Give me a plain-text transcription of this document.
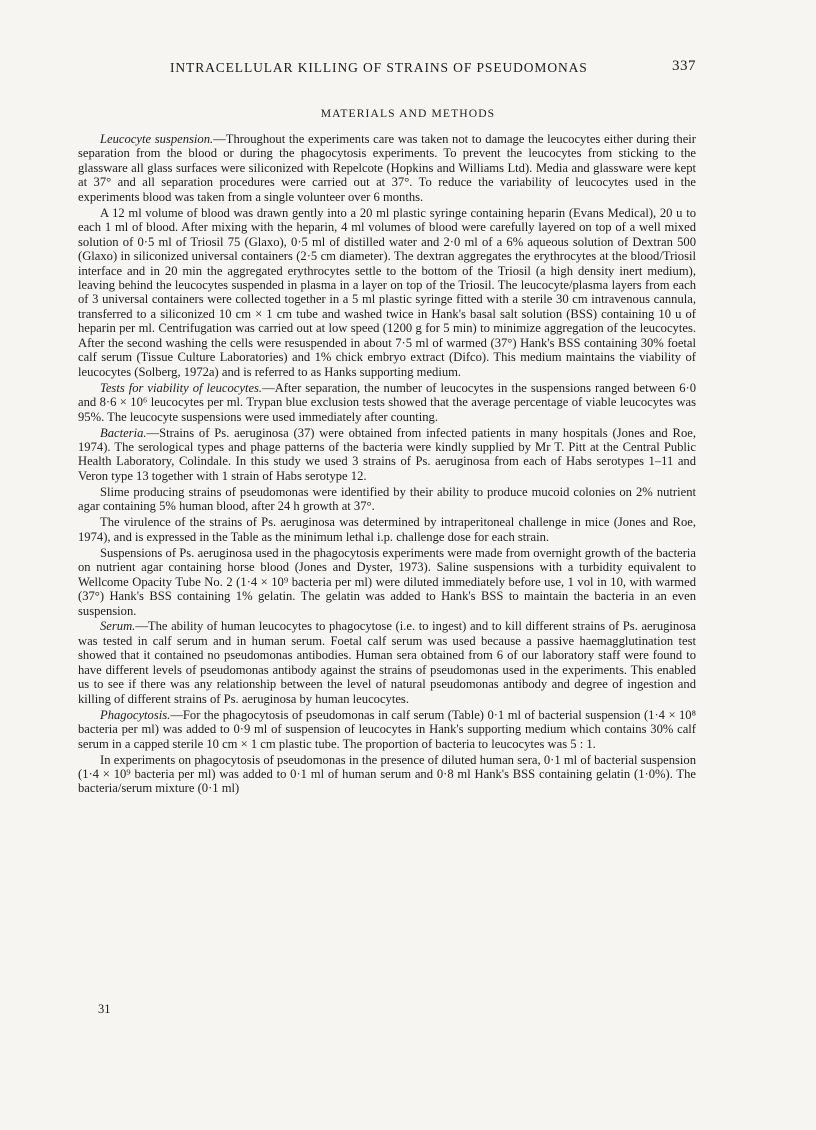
INTRACELLULAR KILLING OF STRAINS OF PSEUDOMONAS	337
MATERIALS AND METHODS

Leucocyte suspension.—Throughout the experiments care was taken not to damage the leucocytes either during their separation from the blood or during the phagocytosis experiments. To prevent the leucocytes from sticking to the glassware all glass surfaces were siliconized with Repelcote (Hopkins and Williams Ltd). Media and glassware were kept at 37° and all separation procedures were carried out at 37°. To reduce the variability of leucocytes used in the experiments blood was taken from a single volunteer over 6 months.

A 12 ml volume of blood was drawn gently into a 20 ml plastic syringe containing heparin (Evans Medical), 20 u to each 1 ml of blood. After mixing with the heparin, 4 ml volumes of blood were carefully layered on top of a well mixed solution of 0·5 ml of Triosil 75 (Glaxo), 0·5 ml of distilled water and 2·0 ml of a 6% aqueous solution of Dextran 500 (Glaxo) in siliconized universal containers (2·5 cm diameter). The dextran aggregates the erythrocytes at the blood/Triosil interface and in 20 min the aggregated erythrocytes settle to the bottom of the Triosil (a high density inert medium), leaving behind the leucocytes suspended in plasma in a layer on top of the Triosil. The leucocyte/plasma layers from each of 3 universal containers were collected together in a 5 ml plastic syringe fitted with a sterile 30 cm intravenous cannula, transferred to a siliconized 10 cm × 1 cm tube and washed twice in Hank's basal salt solution (BSS) containing 10 u of heparin per ml. Centrifugation was carried out at low speed (1200 g for 5 min) to minimize aggregation of the leucocytes. After the second washing the cells were resuspended in about 7·5 ml of warmed (37°) Hank's BSS containing 30% foetal calf serum (Tissue Culture Laboratories) and 1% chick embryo extract (Difco). This medium maintains the viability of leucocytes (Solberg, 1972a) and is referred to as Hanks supporting medium.

Tests for viability of leucocytes.—After separation, the number of leucocytes in the suspensions ranged between 6·0 and 8·6 × 10⁶ leucocytes per ml. Trypan blue exclusion tests showed that the average percentage of viable leucocytes was 95%. The leucocyte suspensions were used immediately after counting.

Bacteria.—Strains of Ps. aeruginosa (37) were obtained from infected patients in many hospitals (Jones and Roe, 1974). The serological types and phage patterns of the bacteria were kindly supplied by Mr T. Pitt at the Central Public Health Laboratory, Colindale. In this study we used 3 strains of Ps. aeruginosa from each of Habs serotypes 1–11 and Veron type 13 together with 1 strain of Habs serotype 12.

Slime producing strains of pseudomonas were identified by their ability to produce mucoid colonies on 2% nutrient agar containing 5% human blood, after 24 h growth at 37°.

The virulence of the strains of Ps. aeruginosa was determined by intraperitoneal challenge in mice (Jones and Roe, 1974), and is expressed in the Table as the minimum lethal i.p. challenge dose for each strain.

Suspensions of Ps. aeruginosa used in the phagocytosis experiments were made from overnight growth of the bacteria on nutrient agar containing horse blood (Jones and Dyster, 1973). Saline suspensions with a turbidity equivalent to Wellcome Opacity Tube No. 2 (1·4 × 10⁹ bacteria per ml) were diluted immediately before use, 1 vol in 10, with warmed (37°) Hank's BSS containing 1% gelatin. The gelatin was added to Hank's BSS to maintain the bacteria in an even suspension.

Serum.—The ability of human leucocytes to phagocytose (i.e. to ingest) and to kill different strains of Ps. aeruginosa was tested in calf serum and in human serum. Foetal calf serum was used because a passive haemagglutination test showed that it contained no pseudomonas antibodies. Human sera obtained from 6 of our laboratory staff were found to have different levels of pseudomonas antibody against the strains of pseudomonas used in the experiments. This enabled us to see if there was any relationship between the level of natural pseudomonas antibody and degree of ingestion and killing of different strains of Ps. aeruginosa by human leucocytes.

Phagocytosis.—For the phagocytosis of pseudomonas in calf serum (Table) 0·1 ml of bacterial suspension (1·4 × 10⁸ bacteria per ml) was added to 0·9 ml of suspension of leucocytes in Hank's supporting medium which contains 30% calf serum in a capped sterile 10 cm × 1 cm plastic tube. The proportion of bacteria to leucocytes was 5 : 1.

In experiments on phagocytosis of pseudomonas in the presence of diluted human sera, 0·1 ml of bacterial suspension (1·4 × 10⁹ bacteria per ml) was added to 0·1 ml of human serum and 0·8 ml Hank's BSS containing gelatin (1·0%). The bacteria/serum mixture (0·1 ml)

31
